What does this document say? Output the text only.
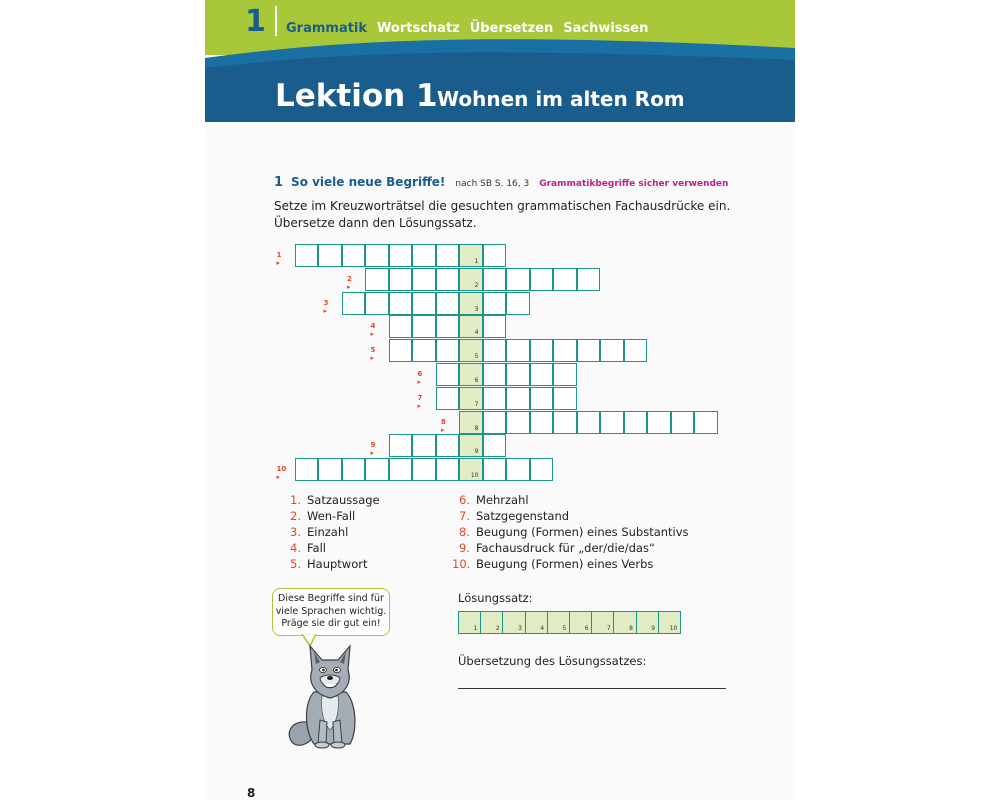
1 Grammatik Wortschatz Übersetzen Sachwissen
Lektion 1 Wohnen im alten Rom
1 So viele neue Begriffe! nach SB S. 16, 3 Grammatikbegriffe sicher verwenden
Setze im Kreuzworträtsel die gesuchten grammatischen Fachausdrücke ein.
Übersetze dann den Lösungssatz.
1
1 ▸
2
2 ▸
3
3 ▸
4
4 ▸
5
5 ▸
6
6 ▸
7
7 ▸
8
8 ▸
9
9 ▸
10
10 ▸
1. Satzaussage
2. Wen-Fall
3. Einzahl
4. Fall
5. Hauptwort
6. Mehrzahl
7. Satzgegenstand
8. Beugung (Formen) eines Substantivs
9. Fachausdruck für „der/die/das“
10. Beugung (Formen) eines Verbs
Diese Begriffe sind für
viele Sprachen wichtig.
Präge sie dir gut ein!
Lösungssatz:
1	2	3	4	5	6	7	8	9 10
Übersetzung des Lösungssatzes:
8
